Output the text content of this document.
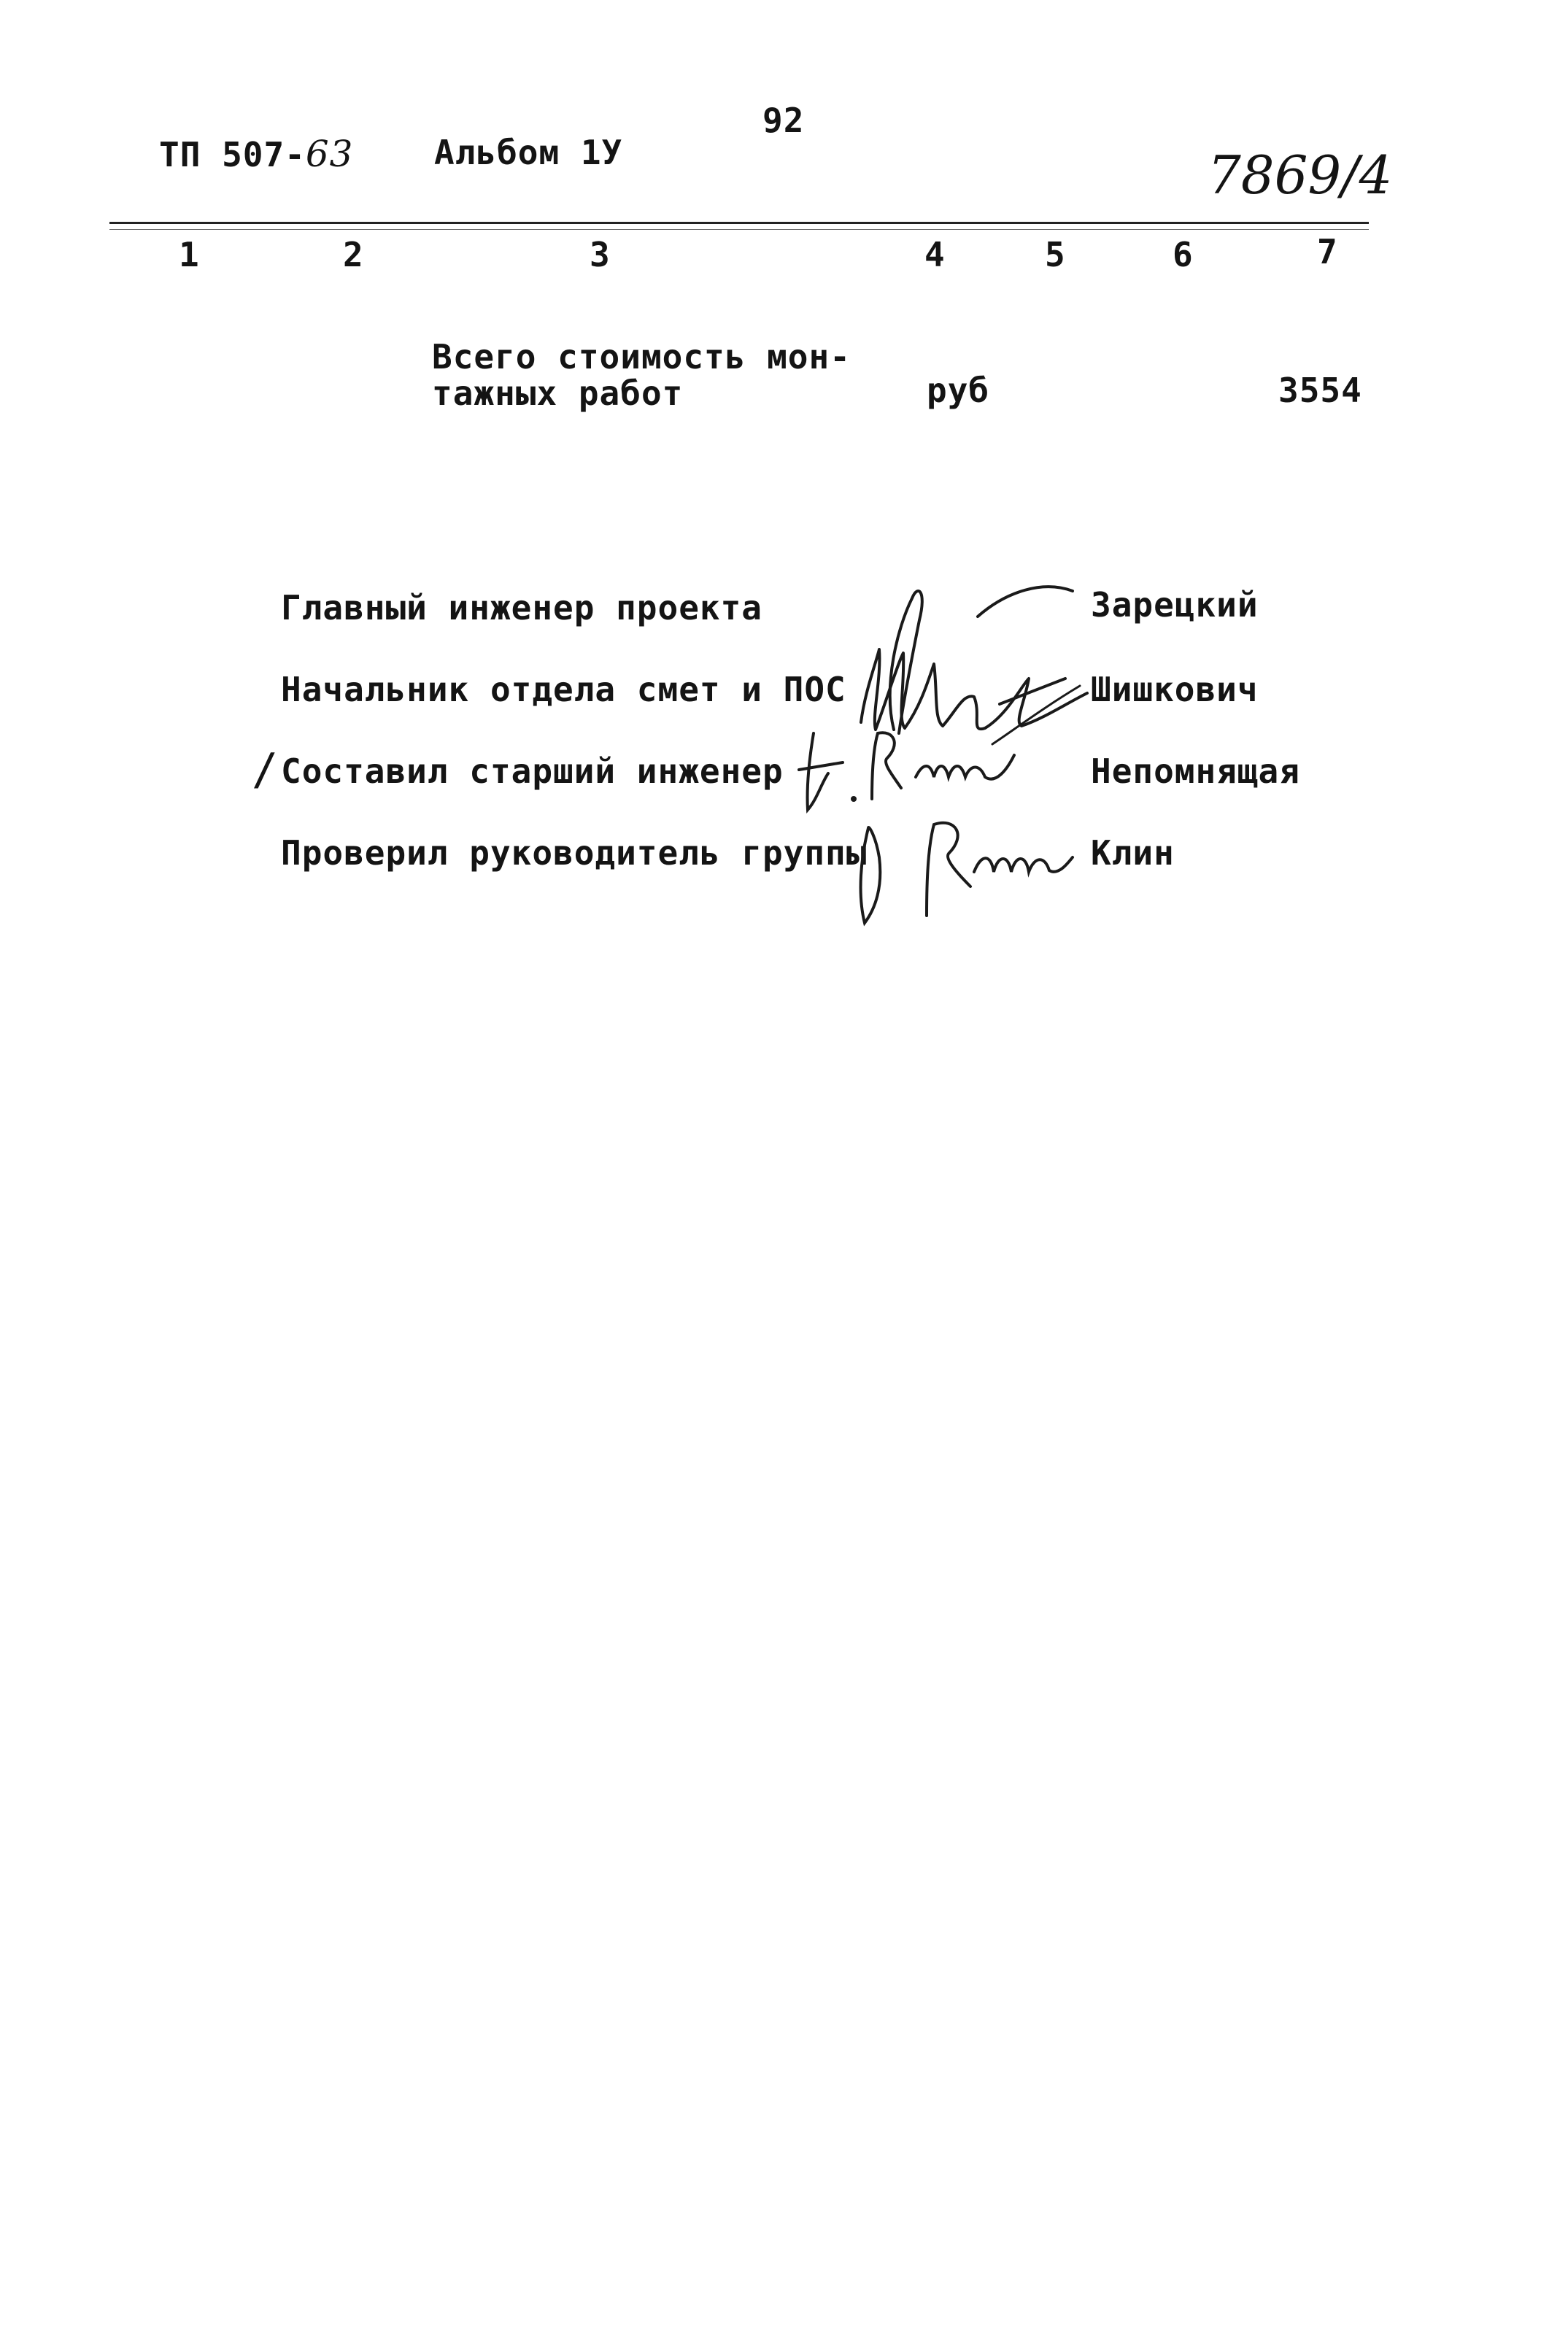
92
ТП 507-63 Альбом 1У	7869/4
1	2	3	4	5	6	7
Всего стоимость мон-
тажных работ	руб	3554
Главный инженер проекта	Зарецкий
Начальник отдела смет и ПОС	Шишкович
/ Составил старший инженер	Непомнящая
Проверил руководитель группы	Клин
